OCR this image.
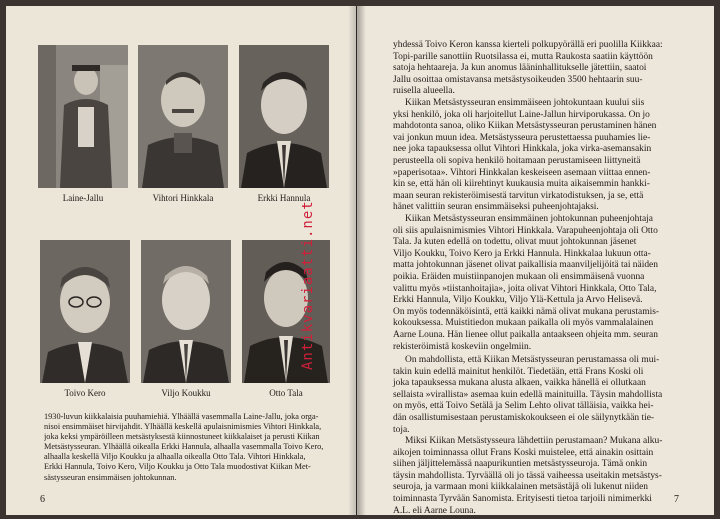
Laine-Jallu	Vihtori Hinkkala	Erkki Hannula
Toivo Kero	Viljo Koukku	Otto Tala
1930-luvun kiikkalaisia puuhamiehiä. Ylhäällä vasemmalla Laine-Jallu, joka orga-
nisoi ensimmäiset hirvijahdit. Ylhäällä keskellä apulaisnimismies Vihtori Hinkkala,
joka keksi ympäröilleen metsästyksestä kiinnostuneet kiikkalaiset ja perusti Kiikan
Metsästysseuran. Ylhäällä oikealla Erkki Hannula, alhaalla vasemmalla Toivo Kero,
alhaalla keskellä Viljo Koukku ja alhaalla oikealla Otto Tala. Vihtori Hinkkala,
Erkki Hannula, Toivo Kero, Viljo Koukku ja Otto Tala muodostivat Kiikan Met-
sästysseuran ensimmäisen johtokunnan.
6	7
yhdessä Toivo Keron kanssa kierteli polkupyörällä eri puolilla Kiikkaa:
Topi-parille sanottiin Ruotsilassa ei, mutta Raukosta saatiin käyttöön
satoja hehtaareja. Ja kun anomus lääninhallitukselle jätettiin, saatoi
Jallu osoittaa omistavansa metsästysoikeuden 3500 hehtaarin suu-
ruisella alueella.
Kiikan Metsästysseuran ensimmäiseen johtokuntaan kuului siis
yksi henkilö, joka oli harjoitellut Laine-Jallun hirviporukassa. On jo
mahdotonta sanoa, oliko Kiikan Metsästysseuran perustaminen hänen
vai jonkun muun idea. Metsästysseura perustettaessa puuhamies lie-
nee joka tapauksessa ollut Vihtori Hinkkala, joka virka-asemansakin
perusteella oli sopiva henkilö hoitamaan perustamiseen liittyneitä
»paperisotaa». Vihtori Hinkkalan keskeiseen asemaan viittaa ennen-
kin se, että hän oli kiirehtinyt kuukausia muita aikaisemmin hankki-
maan seuran rekisteröimisestä tarvitun virkatodistuksen, ja se, että
hänet valittiin seuran ensimmäiseksi puheenjohtajaksi.
Kiikan Metsästysseuran ensimmäinen johtokunnan puheenjohtaja
oli siis apulaisnimismies Vihtori Hinkkala. Varapuheenjohtaja oli Otto
Tala. Ja kuten edellä on todettu, olivat muut johtokunnan jäsenet
Viljo Koukku, Toivo Kero ja Erkki Hannula. Hinkkalaa lukuun otta-
matta johtokunnan jäsenet olivat paikallisia maanviljelijöitä tai näiden
poikia. Eräiden muistiinpanojen mukaan oli ensimmäisenä vuonna
valittu myös »tiistanhoitajia», joita olivat Vihtori Hinkkala, Otto Tala,
Erkki Hannula, Viljo Koukku, Viljo Ylä-Kettula ja Arvo Helisevä.
On myös todennäköisintä, että kaikki nämä olivat mukana perustamis-
kokouksessa. Muistitiedon mukaan paikalla oli myös vammalalainen
Aarne Louna. Hän lienee ollut paikalla antaakseen ohjeita mm. seuran
rekisteröimistä koskeviin ongelmiin.
On mahdollista, että Kiikan Metsästysseuran perustamassa oli mui-
takin kuin edellä mainitut henkilöt. Tiedetään, että Frans Koski oli
joka tapauksessa mukana alusta alkaen, vaikka hänellä ei ollutkaan
sellaista »virallista» asemaa kuin edellä mainituilla. Täysin mahdollista
on myös, että Toivo Setälä ja Selim Lehto olivat tälläisia, vaikka hei-
dän osallistumisestaan perustamiskokoukseen ei ole säilynytkään tie-
toja.
Miksi Kiikan Metsästysseura lähdettiin perustamaan? Mukana alku-
aikojen toiminnassa ollut Frans Koski muistelee, että ainakin osittain
siihen jäljittelemässä naapurikuntien metsästysseuroja. Tämä onkin
täysin mahdollista. Tyrväällä oli jo tässä vaiheessa useitakin metsästys-
seuroja, ja varmaan moni kiikkalainen metsästäjä oli lukenut niiden
toiminnasta Tyrvään Sanomista. Erityisesti tietoa tarjoili nimimerkki
A.L. eli Aarne Louna.
Antikvariaatti.net
